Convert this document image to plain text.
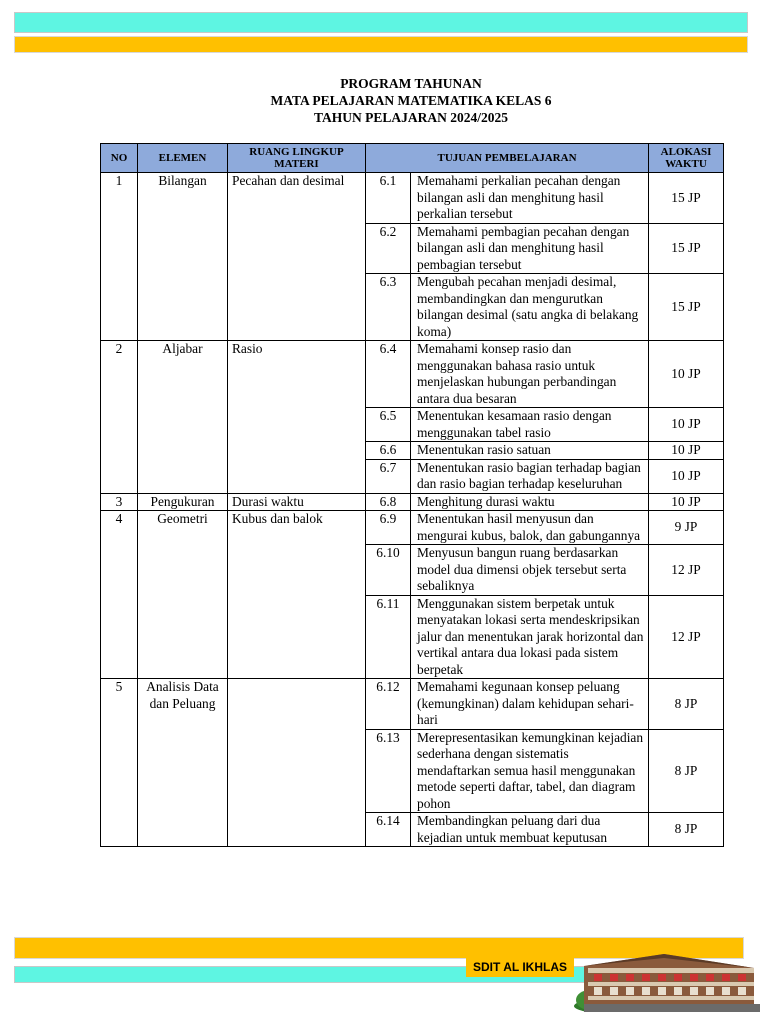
PROGRAM TAHUNAN
MATA PELAJARAN MATEMATIKA KELAS 6
TAHUN PELAJARAN 2024/2025
NO	ELEMEN	RUANG LINGKUP MATERI	TUJUAN PEMBELAJARAN		ALOKASI WAKTU
1	Bilangan	Pecahan dan desimal	6.1	Memahami perkalian pecahan dengan bilangan asli dan menghitung hasil perkalian tersebut	15 JP
			6.2	Memahami pembagian pecahan dengan bilangan asli dan menghitung hasil pembagian tersebut	15 JP
			6.3	Mengubah pecahan menjadi desimal, membandingkan dan mengurutkan bilangan desimal (satu angka di belakang koma)	15 JP
2	Aljabar	Rasio	6.4	Memahami konsep rasio dan menggunakan bahasa rasio untuk menjelaskan hubungan perbandingan antara dua besaran	10 JP
			6.5	Menentukan kesamaan rasio dengan menggunakan tabel rasio	10 JP
			6.6	Menentukan rasio satuan	10 JP
			6.7	Menentukan rasio bagian terhadap bagian dan rasio bagian terhadap keseluruhan	10 JP
3	Pengukuran	Durasi waktu	6.8	Menghitung durasi waktu	10 JP
4	Geometri	Kubus dan balok	6.9	Menentukan hasil menyusun dan mengurai kubus, balok, dan gabungannya	9 JP
			6.10	Menyusun bangun ruang berdasarkan model dua dimensi objek tersebut serta sebaliknya	12 JP
			6.11	Menggunakan sistem berpetak untuk menyatakan lokasi serta mendeskripsikan jalur dan menentukan jarak horizontal dan vertikal antara dua lokasi pada sistem berpetak	12 JP
5	Analisis Data dan Peluang		6.12	Memahami kegunaan konsep peluang (kemungkinan) dalam kehidupan sehari-hari	8 JP
			6.13	Merepresentasikan kemungkinan kejadian sederhana dengan sistematis mendaftarkan semua hasil menggunakan metode seperti daftar, tabel, dan diagram pohon	8 JP
			6.14	Membandingkan peluang dari dua kejadian untuk membuat keputusan	8 JP
SDIT AL IKHLAS
